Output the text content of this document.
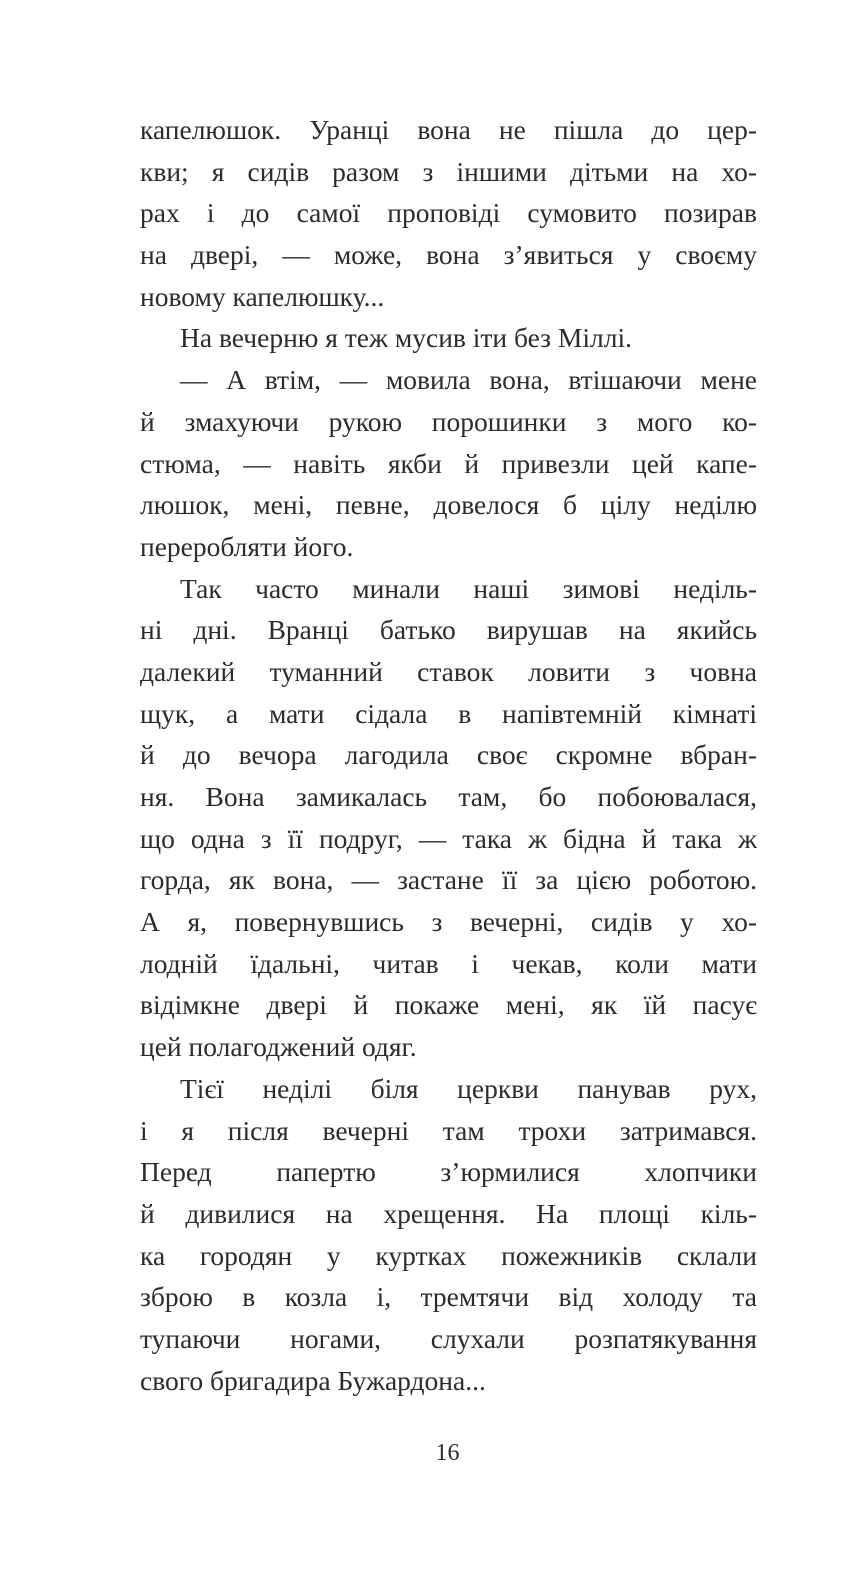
капелюшок. Уранці вона не пішла до цер-
кви; я сидів разом з іншими дітьми на хо-
рах і до самої проповіді сумовито позирав
на двері, — може, вона з’явиться у своєму
новому капелюшку...
На вечерню я теж мусив іти без Міллі.
— А втім, — мовила вона, втішаючи мене
й змахуючи рукою порошинки з мого ко-
стюма, — навіть якби й привезли цей капе-
люшок, мені, певне, довелося б цілу неділю
переробляти його.
Так часто минали наші зимові неділь-
ні дні. Вранці батько вирушав на якийсь
далекий туманний ставок ловити з човна
щук, а мати сідала в напівтемній кімнаті
й до вечора лагодила своє скромне вбран-
ня. Вона замикалась там, бо побоювалася,
що одна з її подруг, — така ж бідна й така ж
горда, як вона, — застане її за цією роботою.
А я, повернувшись з вечерні, сидів у хо-
лодній їдальні, читав і чекав, коли мати
відімкне двері й покаже мені, як їй пасує
цей полагоджений одяг.
Тієї неділі біля церкви панував рух,
і я після вечерні там трохи затримався.
Перед папертю з’юрмилися хлопчики
й дивилися на хрещення. На площі кіль-
ка городян у куртках пожежників склали
зброю в козла і, тремтячи від холоду та
тупаючи ногами, слухали розпатякування
свого бригадира Бужардона...
16
